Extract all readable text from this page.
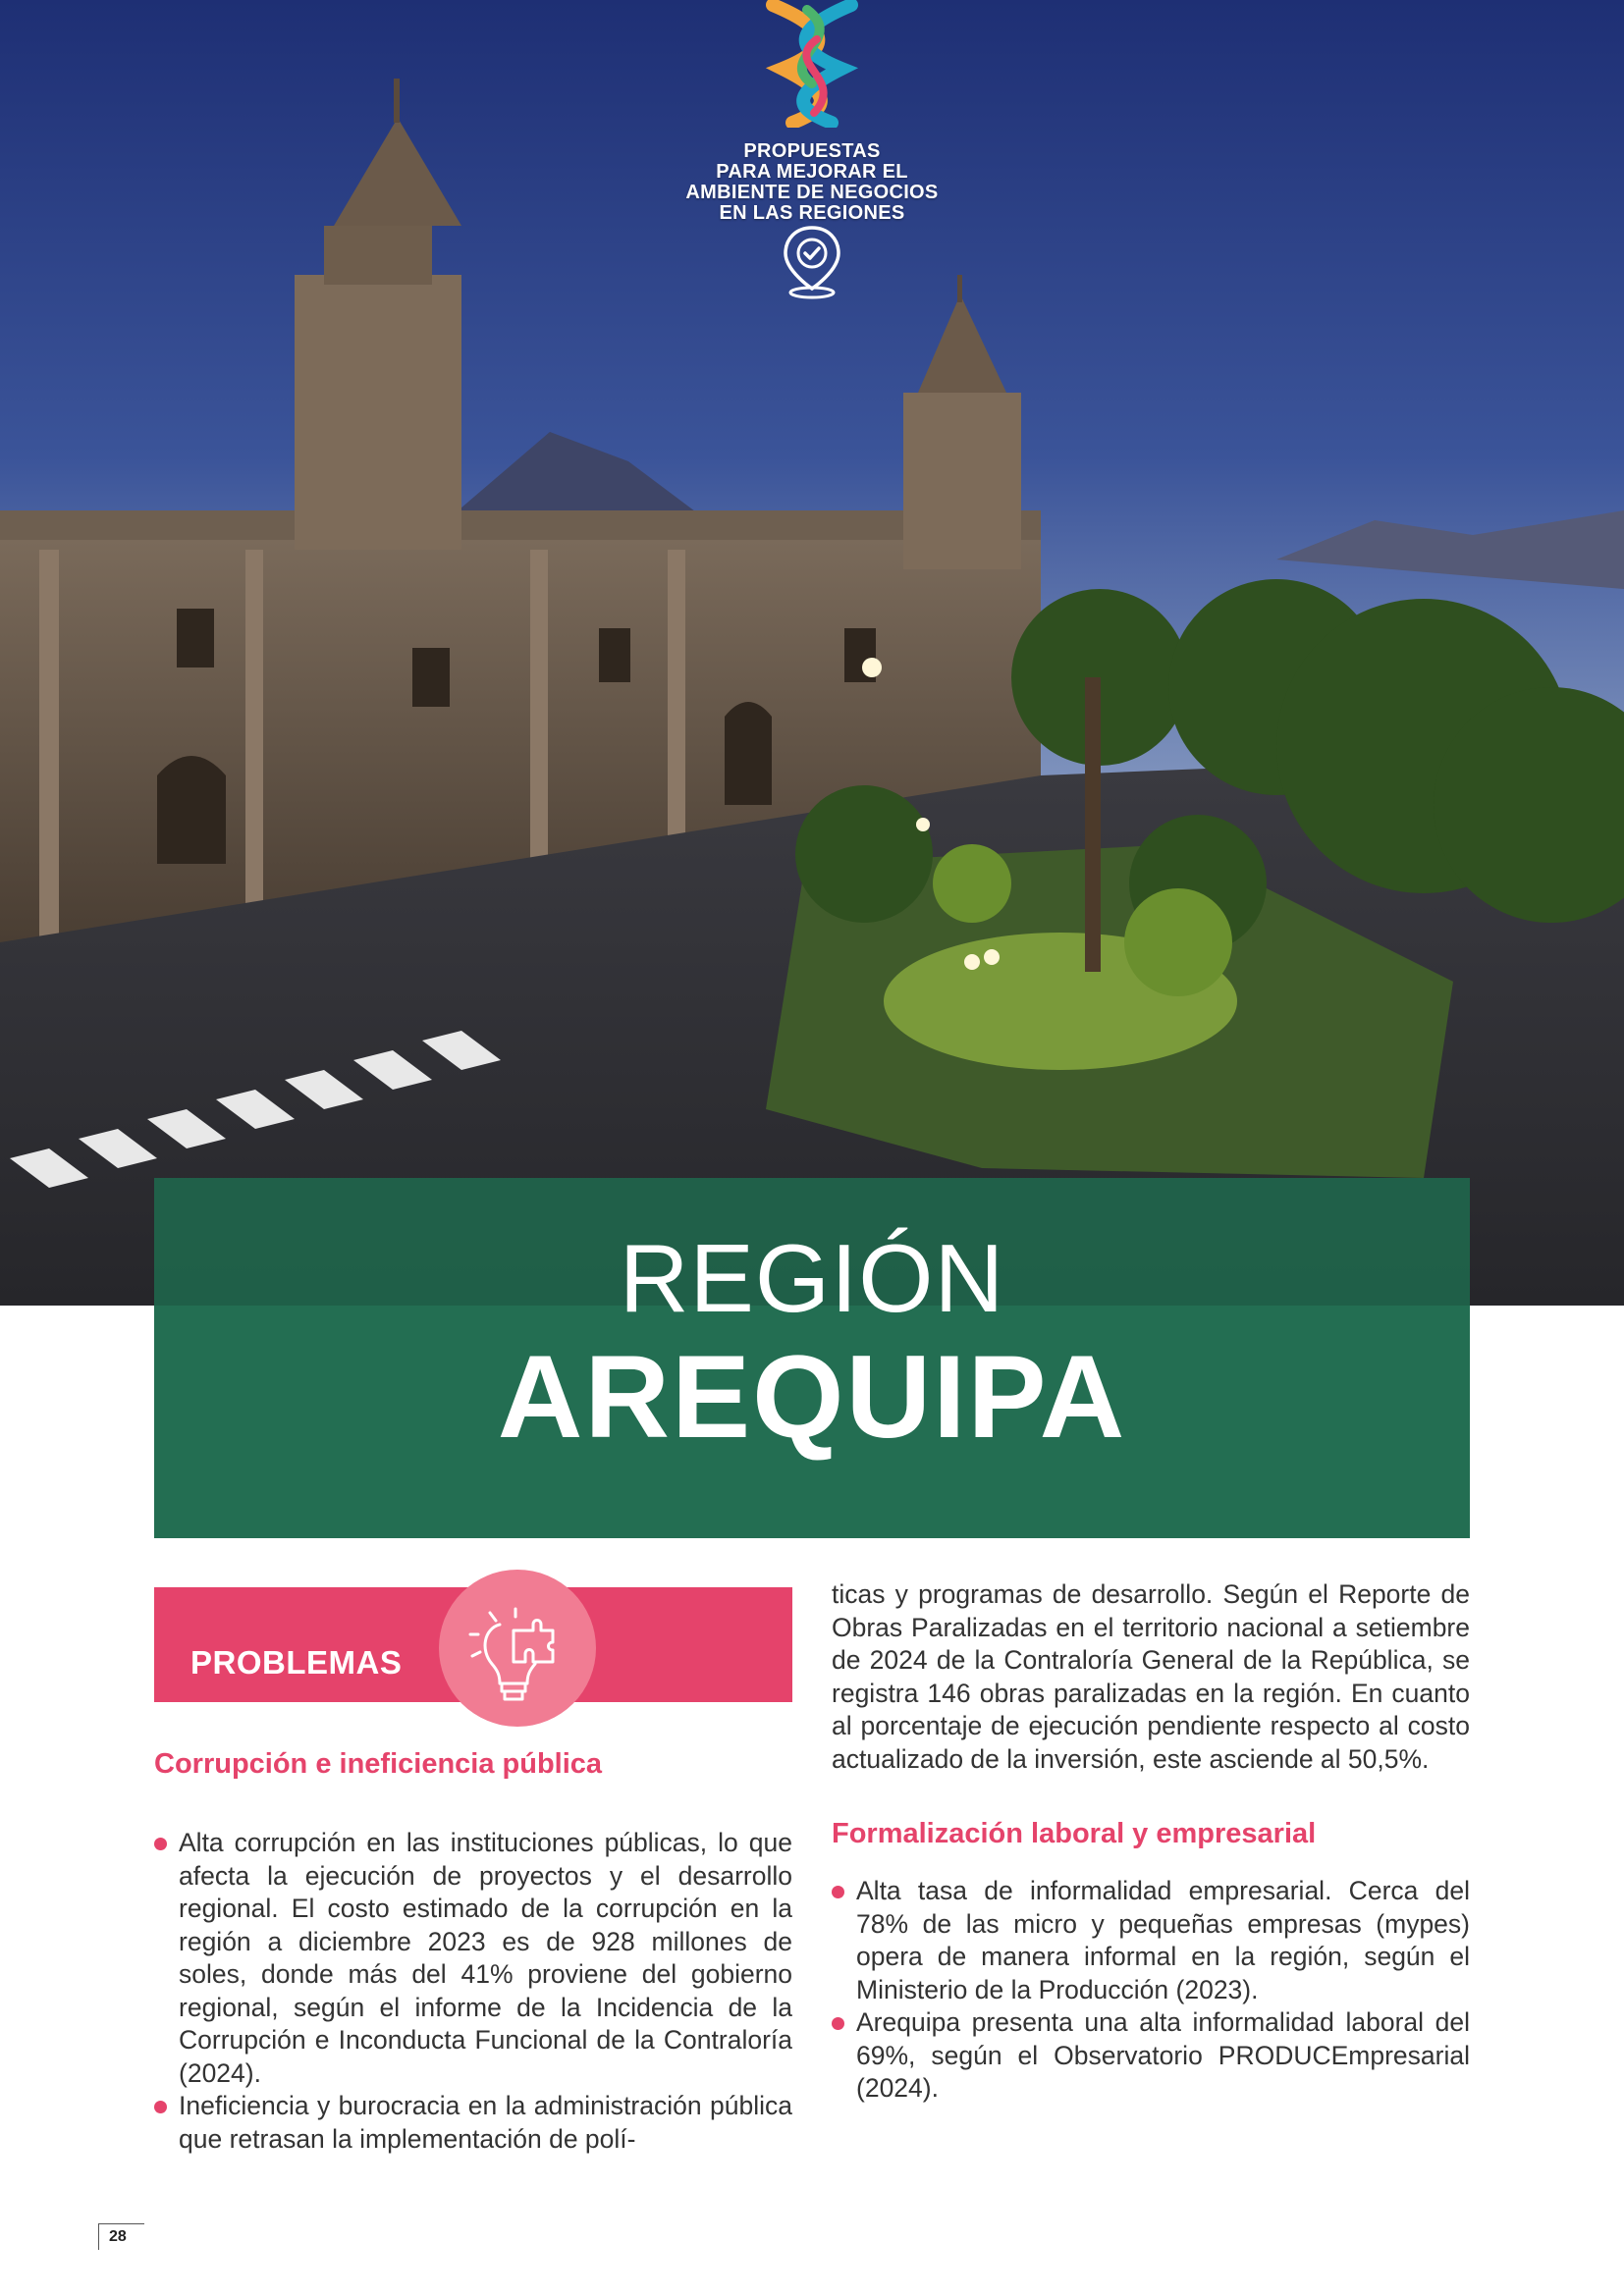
PROPUESTAS
PARA MEJORAR EL
AMBIENTE DE NEGOCIOS
EN LAS REGIONES
REGIÓN
AREQUIPA
PROBLEMAS
Corrupción e ineficiencia pública
Alta corrupción en las instituciones públicas, lo que afecta la ejecución de proyectos y el desarrollo regional. El costo estimado de la corrupción en la región a diciembre 2023 es de 928 millones de soles, donde más del 41% proviene del gobierno regional, según el informe de la Incidencia de la Corrupción e Inconducta Funcional de la Contraloría (2024).
Ineficiencia y burocracia en la administración pública que retrasan la implementación de polí-

ticas y programas de desarrollo. Según el Reporte de Obras Paralizadas en el territorio nacional a setiembre de 2024 de la Contraloría General de la República, se registra 146 obras paralizadas en la región. En cuanto al porcentaje de ejecución pendiente respecto al costo actualizado de la inversión, este asciende al 50,5%.

Formalización laboral y empresarial
Alta tasa de informalidad empresarial. Cerca del 78% de las micro y pequeñas empresas (mypes) opera de manera informal en la región, según el Ministerio de la Producción (2023).
Arequipa presenta una alta informalidad laboral del 69%, según el Observatorio PRODUCEmpresarial (2024).
28
